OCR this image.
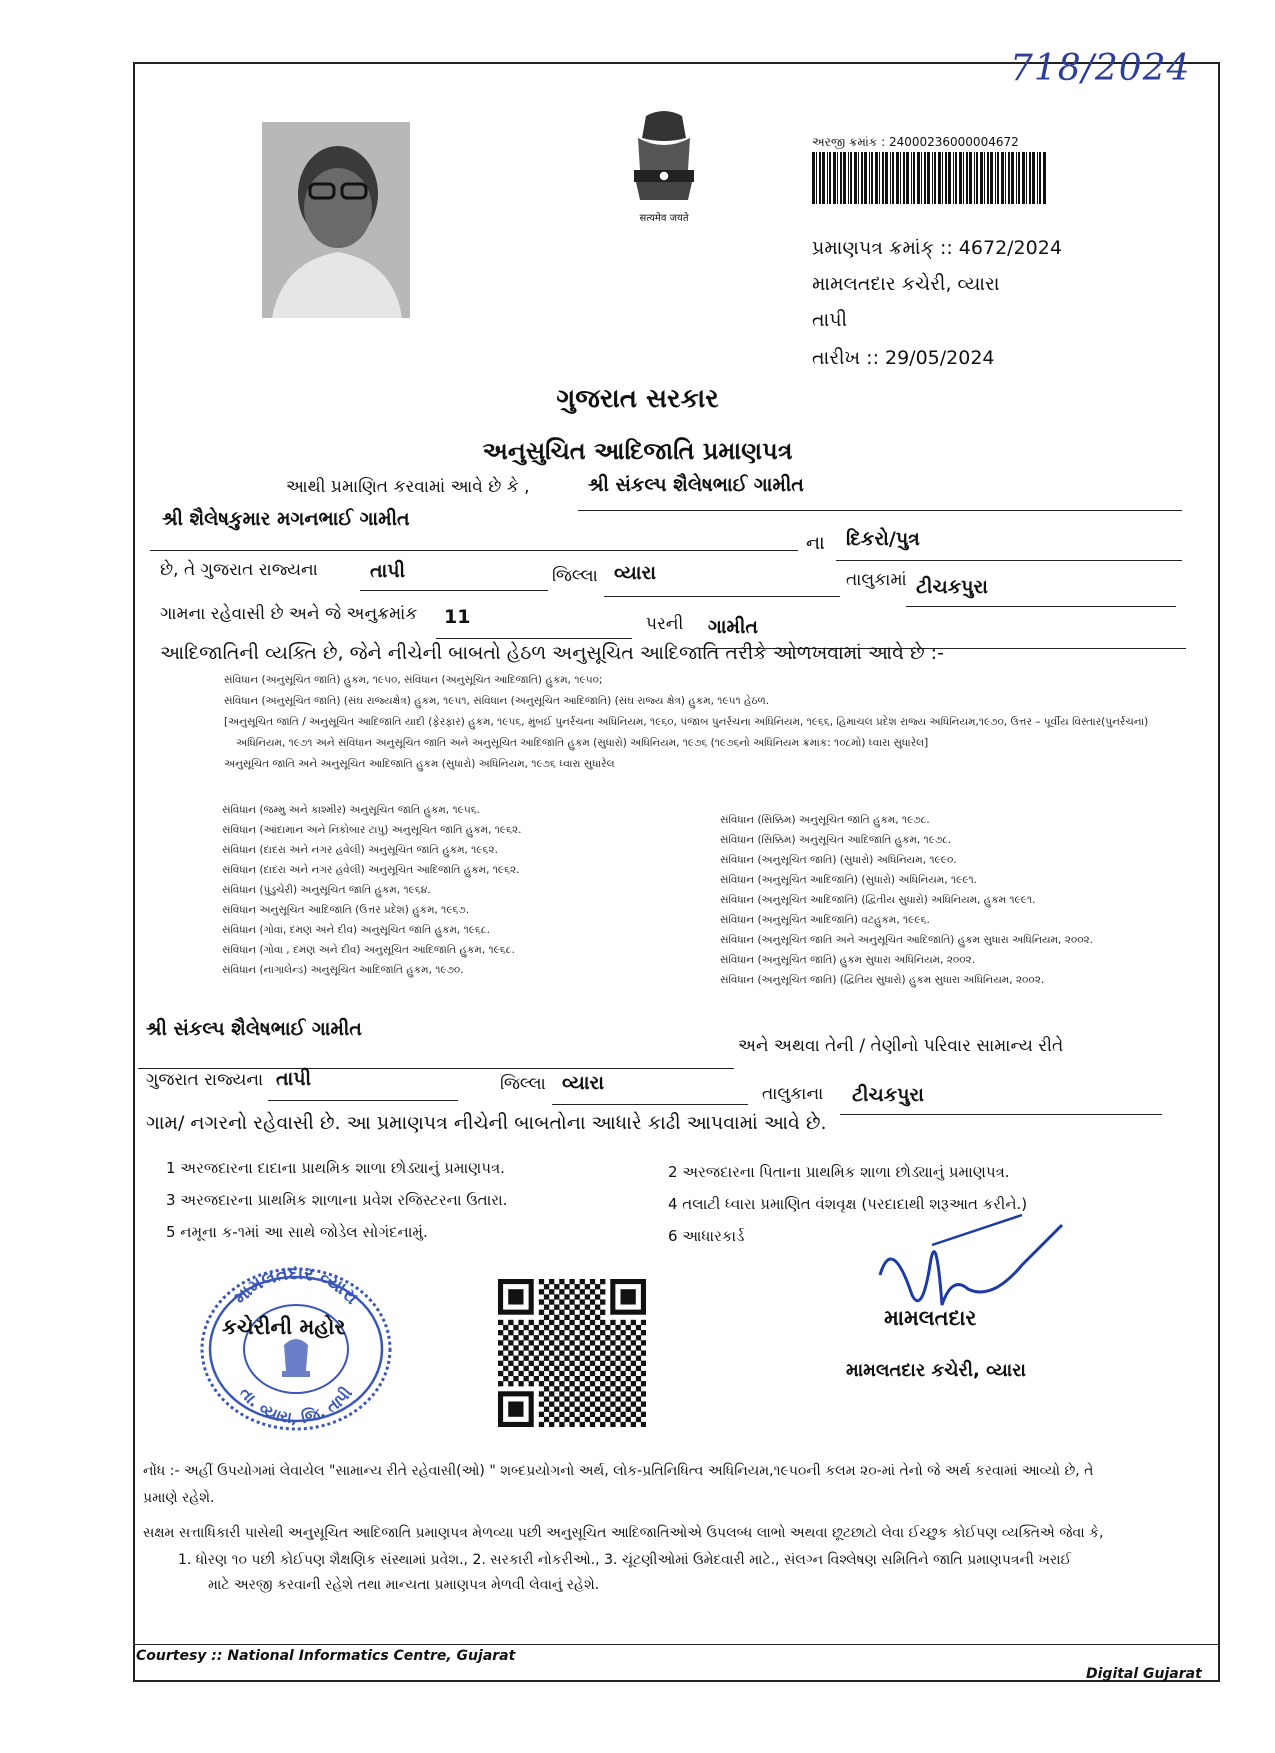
718/2024
सत्यमेव जयते
અરજી ક્રમાંક : 24000236000004672
પ્રમાણપત્ર ક્રમાંક્ :: 4672/2024
મામલતદાર કચેરી, વ્યારા
તાપી
તારીખ :: 29/05/2024
ગુજરાત સરકાર
અનુસુચિત આદિજાતિ પ્રમાણપત્ર
આથી પ્રમાણિત કરવામાં આવે છે કે ,	શ્રી સંકલ્પ શૈલેષભાઈ ગામીત
શ્રી શૈલેષકુમાર મગનભાઈ ગામીત
ના દિકરો/પુત્ર
છે, તે ગુજરાત રાજ્યના	તાપી	જિલ્લા વ્યારા	તાલુકામાં ટીચકપુરા
ગામના રહેવાસી છે અને જે અનુક્રમાંક 11	પરની ગામીત
આદિજાતિની વ્યક્તિ છે, જેને નીચેની બાબતો હેઠળ અનુસૂચિત આદિજાતિ તરીકે ઓળખવામાં આવે છે :-
સંવિધાન (અનુસૂચિત જાતિ) હુકમ, ૧૯૫૦, સંવિધાન (અનુસૂચિત આદિજાતિ) હુકમ, ૧૯૫૦;
સંવિધાન (અનુસૂચિત જાતિ) (સંઘ રાજ્યક્ષેત્ર) હુકમ, ૧૯૫૧, સંવિધાન (અનુસૂચિત આદિજાતિ) (સંઘ રાજ્ય ક્ષેત્ર) હુકમ, ૧૯૫૧ હેઠળ.
[અનુસૂચિત જાતિ / અનુસૂચિત આદિજાતિ યાદી (ફેરફાર) હુકમ, ૧૯૫૬, મુંબઈ પુનર્રચના અધિનિયમ, ૧૯૬૦, પંજાબ પુનર્રચના અધિનિયમ, ૧૯૬૬, હિમાચલ પ્રદેશ રાજ્ય અધિનિયમ,૧૯૭૦, ઉત્તર – પૂર્વીય વિસ્તાર(પુનર્રચના)
અધિનિયમ, ૧૯૭૧ અને સંવિધાન અનુસૂચિત જાતિ અને અનુસૂચિત આદિજાતિ હુકમ (સુધારો) અધિનિયમ, ૧૯૭૬ (૧૯૭૬નો અધિનિયમ ક્રમાંક: ૧૦૮મો) ધ્વારા સુધારેલ]
અનુસૂચિત જાતિ અને અનુસૂચિત આદિજાતિ હુકમ (સુધારો) અધિનિયમ, ૧૯૭૬ ધ્વારા સુધારેલ
સંવિધાન (જમ્મુ અને કાશ્મીર) અનુસૂચિત જાતિ હુકમ, ૧૯૫૬.
સંવિધાન (આંદામાન અને નિકોબાર ટાપુ) અનુસૂચિત જાતિ હુકમ, ૧૯૬૨.
સંવિધાન (દાદરા અને નગર હવેલી) અનુસૂચિત જાતિ હુકમ, ૧૯૬૨.
સંવિધાન (દાદરા અને નગર હવેલી) અનુસૂચિત આદિજાતિ હુકમ, ૧૯૬૨.
સંવિધાન (પુંડુચેરી) અનુસૂચિત જાતિ હુકમ, ૧૯૬૪.
સંવિધાન અનુસૂચિત આદિજાતિ (ઉત્તર પ્રદેશ) હુકમ, ૧૯૬૭.
સંવિધાન (ગોવા, દમણ અને દીવ) અનુસૂચિત જાતિ હુકમ, ૧૯૬૮.
સંવિધાન (ગોવા , દમણ અને દીવ) અનુસૂચિત આદિજાતિ હુકમ, ૧૯૬૮.
સંવિધાન (નાગાલેન્ડ) અનુસૂચિત આદિજાતિ હુકમ, ૧૯૭૦.
સંવિધાન (સિક્કિમ) અનુસૂચિત જાતિ હુકમ, ૧૯૭૮.
સંવિધાન (સિક્કિમ) અનુસૂચિત આદિજાતિ હુકમ, ૧૯૭૮.
સંવિધાન (અનુસૂચિત જાતિ) (સુધારો) અધિનિયમ, ૧૯૯૦.
સંવિધાન (અનુસૂચિત આદિજાતિ) (સુધારો) અધિનિયમ, ૧૯૯૧.
સંવિધાન (અનુસૂચિત આદિજાતિ) (દ્વિતીય સુધારો) અધિનિયમ, હુકમ ૧૯૯૧.
સંવિધાન (અનુસૂચિત આદિજાતિ) વટહુકમ, ૧૯૯૬.
સંવિધાન (અનુસૂચિત જાતિ અને અનુસૂચિત આદિજાતિ) હુકમ સુધારા અધિનિયમ, ૨૦૦૨.
સંવિધાન (અનુસૂચિત જાતિ) હુકમ સુધારા અધિનિયમ, ૨૦૦૨.
સંવિધાન (અનુસૂચિત જાતિ) (દ્વિતિય સુધારો) હુકમ સુધારા અધિનિયમ, ૨૦૦૨.
શ્રી સંકલ્પ શૈલેષભાઈ ગામીત
અને અથવા તેની / તેણીનો પરિવાર સામાન્ય રીતે
ગુજરાત રાજ્યના તાપી	જિલ્લા વ્યારા	તાલુકાના ટીચકપુરા
ગામ/ નગરનો રહેવાસી છે. આ પ્રમાણપત્ર નીચેની બાબતોના આધારે કાઢી આપવામાં આવે છે.
1 અરજદારના દાદાના પ્રાથમિક શાળા છોડ્યાનું પ્રમાણપત્ર.
3 અરજદારના પ્રાથમિક શાળાના પ્રવેશ રજિસ્ટરના ઉતારા.
5 નમૂના ક-૧માં આ સાથે જોડેલ સોગંદનામું.
2 અરજદારના પિતાના પ્રાથમિક શાળા છોડ્યાનું પ્રમાણપત્ર.
4 તલાટી ધ્વારા પ્રમાણિત વંશવૃક્ષ (પરદાદાથી શરૂઆત કરીને.)
6 આધારકાર્ડ
મામલતદાર વ્યારા
તા. વ્યારા, જિ. તાપી
કચેરીની મહોર	મામલતદાર
મામલતદાર કચેરી, વ્યારા
નોંધ :- અહીં ઉપયોગમાં લેવાયેલ "સામાન્ય રીતે રહેવાસી(ઓ) " શબ્દપ્રયોગનો અર્થ, લોક-પ્રતિનિધિત્વ અધિનિયમ,૧૯૫૦ની કલમ ૨૦-માં તેનો જે અર્થ કરવામાં આવ્યો છે, તે
પ્રમાણે રહેશે.
સક્ષમ સત્તાધિકારી પાસેથી અનુસૂચિત આદિજાતિ પ્રમાણપત્ર મેળવ્યા પછી અનુસૂચિત આદિજાતિઓએ ઉપલબ્ધ લાભો અથવા છૂટછાટો લેવા ઈચ્છુક કોઈપણ વ્યક્તિએ જેવા કે,
1. ધોરણ ૧૦ પછી કોઈપણ શૈક્ષણિક સંસ્થામાં પ્રવેશ., 2. સરકારી નોકરીઓ., 3. ચૂંટણીઓમાં ઉમેદવારી માટે., સંલગ્ન વિશ્લેષણ સમિતિને જાતિ પ્રમાણપત્રની ખરાઈ
માટે અરજી કરવાની રહેશે તથા માન્યતા પ્રમાણપત્ર મેળવી લેવાનું રહેશે.
Courtesy :: National Informatics Centre, Gujarat
Digital Gujarat
